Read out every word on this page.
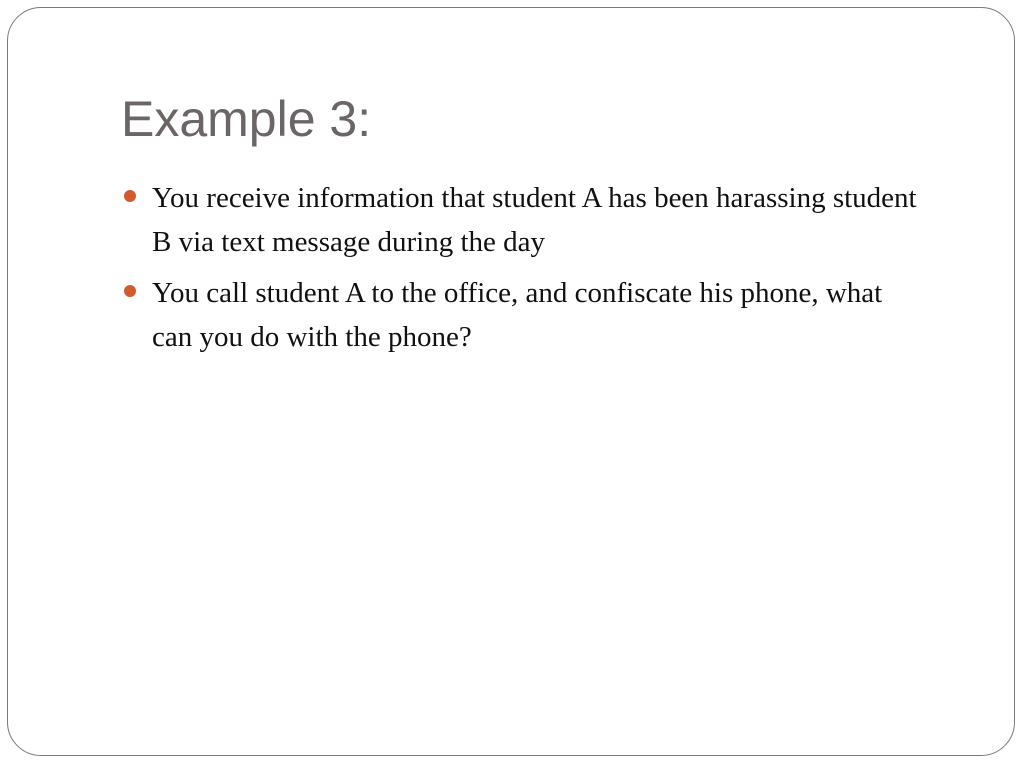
Example 3:
You receive information that student A has been harassing student B via text message during the day
You call student A to the office, and confiscate his phone, what can you do with the phone?
